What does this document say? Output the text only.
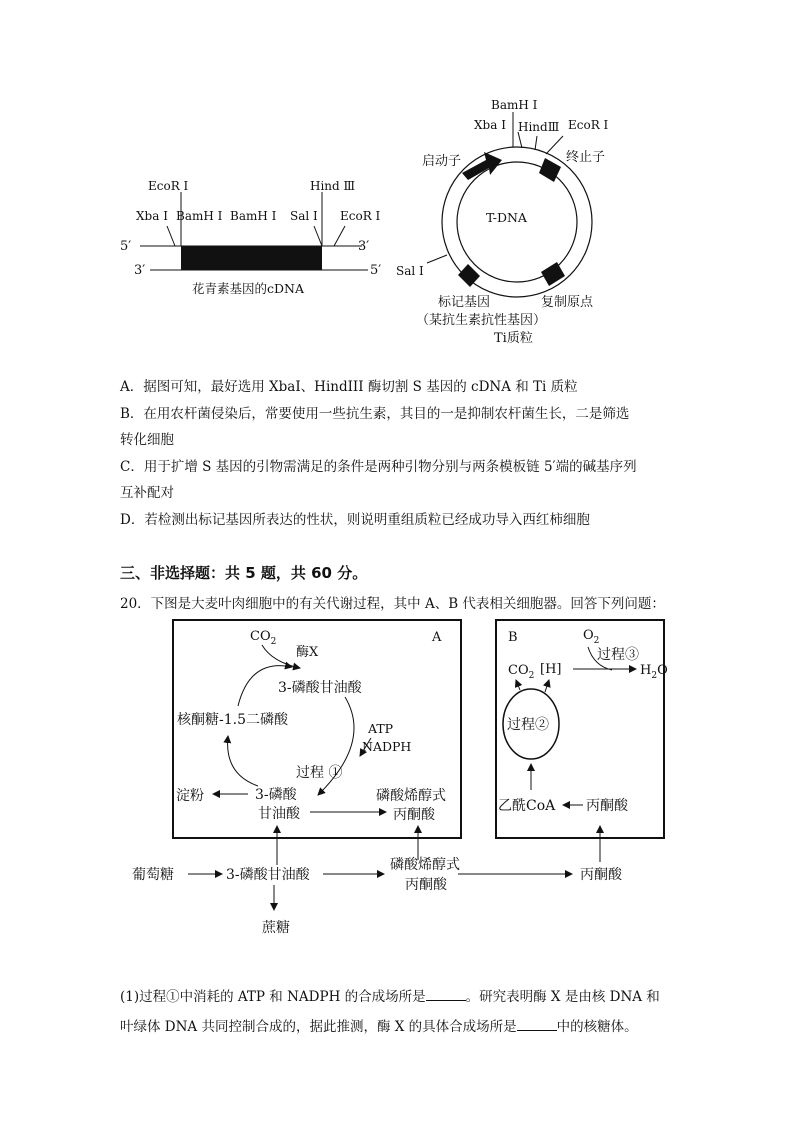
EcoR Ⅰ
Xba Ⅰ BamH Ⅰ BamH Ⅰ Sal Ⅰ
Hind Ⅲ
EcoR Ⅰ
5′	3′
3′	5′
花青素基因的cDNA
BamH Ⅰ
Xba Ⅰ HindⅢ EcoR Ⅰ
启动子	终止子
T-DNA
Sal Ⅰ
标记基因
（某抗生素抗性基因）
复制原点
Ti质粒
A
$CO_2$
酶X
3-磷酸甘油酸
核酮糖-1.5二磷酸
ATP
NADPH
过程 ①
淀粉	3-磷酸
甘油酸
磷酸烯醇式
丙酮酸
B	$O_2$
过程③
$CO_2$ [H]	$H_2O$
过程②
乙酰CoA 丙酮酸
葡萄糖	3-磷酸甘油酸
磷酸烯醇式
丙酮酸
丙酮酸
蔗糖
A．据图可知，最好选用 XbaI、HindIII 酶切割 S 基因的 cDNA 和 Ti 质粒
B．在用农杆菌侵染后，常要使用一些抗生素，其目的一是抑制农杆菌生长，二是筛选
转化细胞
C．用于扩增 S 基因的引物需满足的条件是两种引物分别与两条模板链 5′端的碱基序列
互补配对
D．若检测出标记基因所表达的性状，则说明重组质粒已经成功导入西红柿细胞
三、非选择题：共 5 题，共 60 分。
20．下图是大麦叶肉细胞中的有关代谢过程，其中 A、B 代表相关细胞器。回答下列问题：
(1)过程①中消耗的 ATP 和 NADPH 的合成场所是	。研究表明酶 X 是由核 DNA 和
叶绿体 DNA 共同控制合成的，据此推测，酶 X 的具体合成场所是	中的核糖体。
